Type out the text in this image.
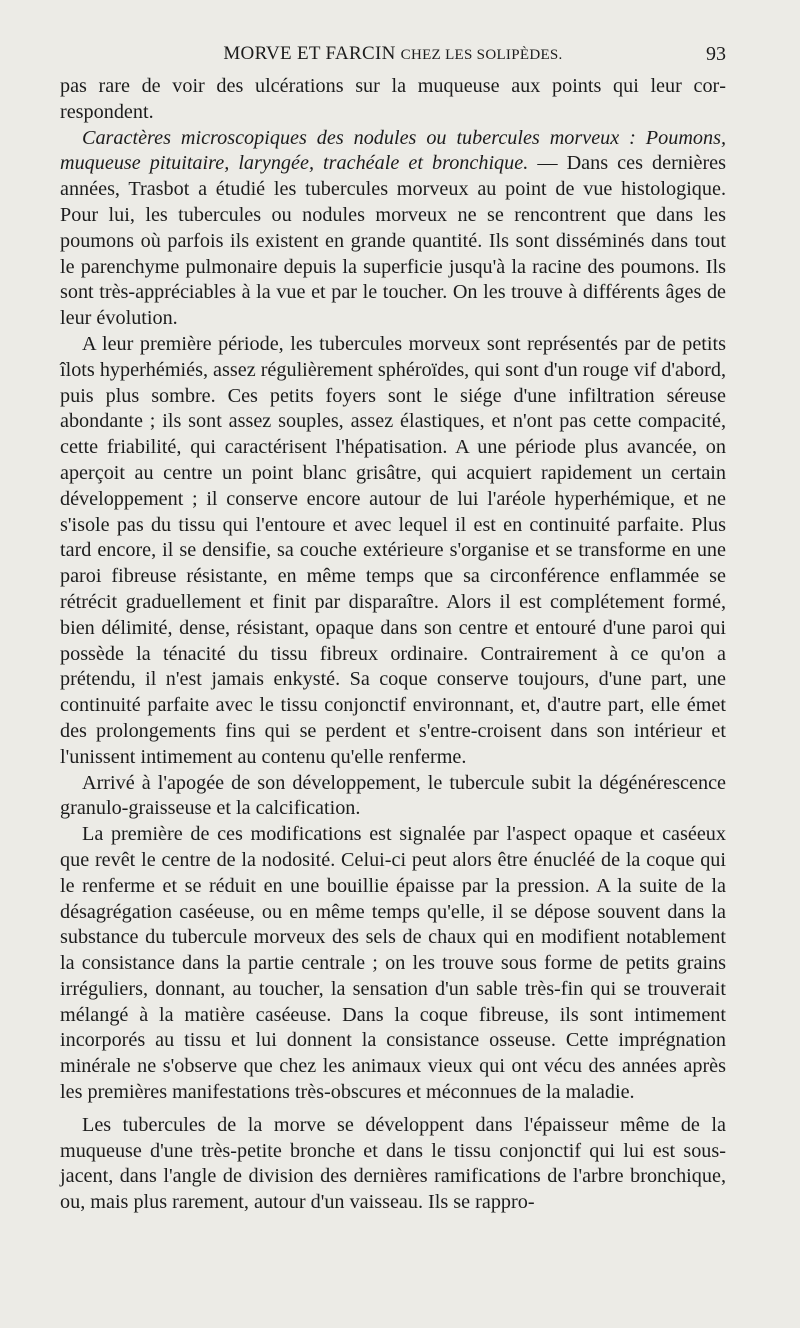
MORVE ET FARCIN CHEZ LES SOLIPÈDES.	93

pas rare de voir des ulcérations sur la muqueuse aux points qui leur correspondent.

Caractères microscopiques des nodules ou tubercules morveux : Poumons, muqueuse pituitaire, laryngée, trachéale et bronchique. — Dans ces dernières années, Trasbot a étudié les tubercules morveux au point de vue histologique. Pour lui, les tubercules ou nodules morveux ne se rencontrent que dans les poumons où parfois ils existent en grande quantité. Ils sont disséminés dans tout le parenchyme pulmonaire depuis la superficie jusqu'à la racine des poumons. Ils sont très-appréciables à la vue et par le toucher. On les trouve à différents âges de leur évolution.

A leur première période, les tubercules morveux sont représentés par de petits îlots hyperhémiés, assez régulièrement sphéroïdes, qui sont d'un rouge vif d'abord, puis plus sombre. Ces petits foyers sont le siége d'une infiltration séreuse abondante ; ils sont assez souples, assez élastiques, et n'ont pas cette compacité, cette friabilité, qui caractérisent l'hépatisation. A une période plus avancée, on aperçoit au centre un point blanc grisâtre, qui acquiert rapidement un certain développement ; il conserve encore autour de lui l'aréole hyperhémique, et ne s'isole pas du tissu qui l'entoure et avec lequel il est en continuité parfaite. Plus tard encore, il se densifie, sa couche extérieure s'organise et se transforme en une paroi fibreuse résistante, en même temps que sa circonférence enflammée se rétrécit graduellement et finit par disparaître. Alors il est complétement formé, bien délimité, dense, résistant, opaque dans son centre et entouré d'une paroi qui possède la ténacité du tissu fibreux ordinaire. Contrairement à ce qu'on a prétendu, il n'est jamais enkysté. Sa coque conserve toujours, d'une part, une continuité parfaite avec le tissu conjonctif environnant, et, d'autre part, elle émet des prolongements fins qui se perdent et s'entre-croisent dans son intérieur et l'unissent intimement au contenu qu'elle renferme.

Arrivé à l'apogée de son développement, le tubercule subit la dégénérescence granulo-graisseuse et la calcification.

La première de ces modifications est signalée par l'aspect opaque et caséeux que revêt le centre de la nodosité. Celui-ci peut alors être énucléé de la coque qui le renferme et se réduit en une bouillie épaisse par la pression. A la suite de la désagrégation caséeuse, ou en même temps qu'elle, il se dépose souvent dans la substance du tubercule morveux des sels de chaux qui en modifient notablement la consistance dans la partie centrale ; on les trouve sous forme de petits grains irréguliers, donnant, au toucher, la sensation d'un sable très-fin qui se trouverait mélangé à la matière caséeuse. Dans la coque fibreuse, ils sont intimement incorporés au tissu et lui donnent la consistance osseuse. Cette imprégnation minérale ne s'observe que chez les animaux vieux qui ont vécu des années après les premières manifestations très-obscures et méconnues de la maladie.

Les tubercules de la morve se développent dans l'épaisseur même de la muqueuse d'une très-petite bronche et dans le tissu conjonctif qui lui est sous-jacent, dans l'angle de division des dernières ramifications de l'arbre bronchique, ou, mais plus rarement, autour d'un vaisseau. Ils se rappro-
